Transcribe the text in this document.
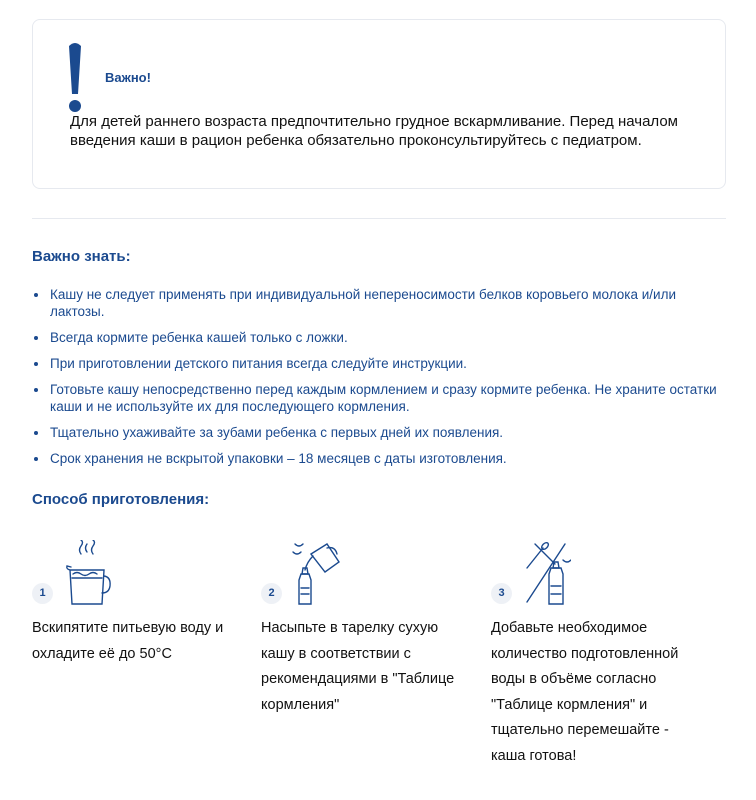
Важно!
Для детей раннего возраста предпочтительно грудное вскармливание. Перед началом введения каши в рацион ребенка обязательно проконсультируйтесь с педиатром.
Важно знать:
Кашу не следует применять при индивидуальной непереносимости белков коровьего молока и/или лактозы.
Всегда кормите ребенка кашей только с ложки.
При приготовлении детского питания всегда следуйте инструкции.
Готовьте кашу непосредственно перед каждым кормлением и сразу кормите ребенка. Не храните остатки каши и не используйте их для последующего кормления.
Тщательно ухаживайте за зубами ребенка с первых дней их появления.
Срок хранения не вскрытой упаковки – 18 месяцев с даты изготовления.
Способ приготовления:
1
Вскипятите питьевую воду и охладите её до 50°С
2
Насыпьте в тарелку сухую кашу в соответствии с рекомендациями в "Таблице кормления"
3
Добавьте необходимое количество подготовленной воды в объёме согласно "Таблице кормления" и тщательно перемешайте - каша готова!
